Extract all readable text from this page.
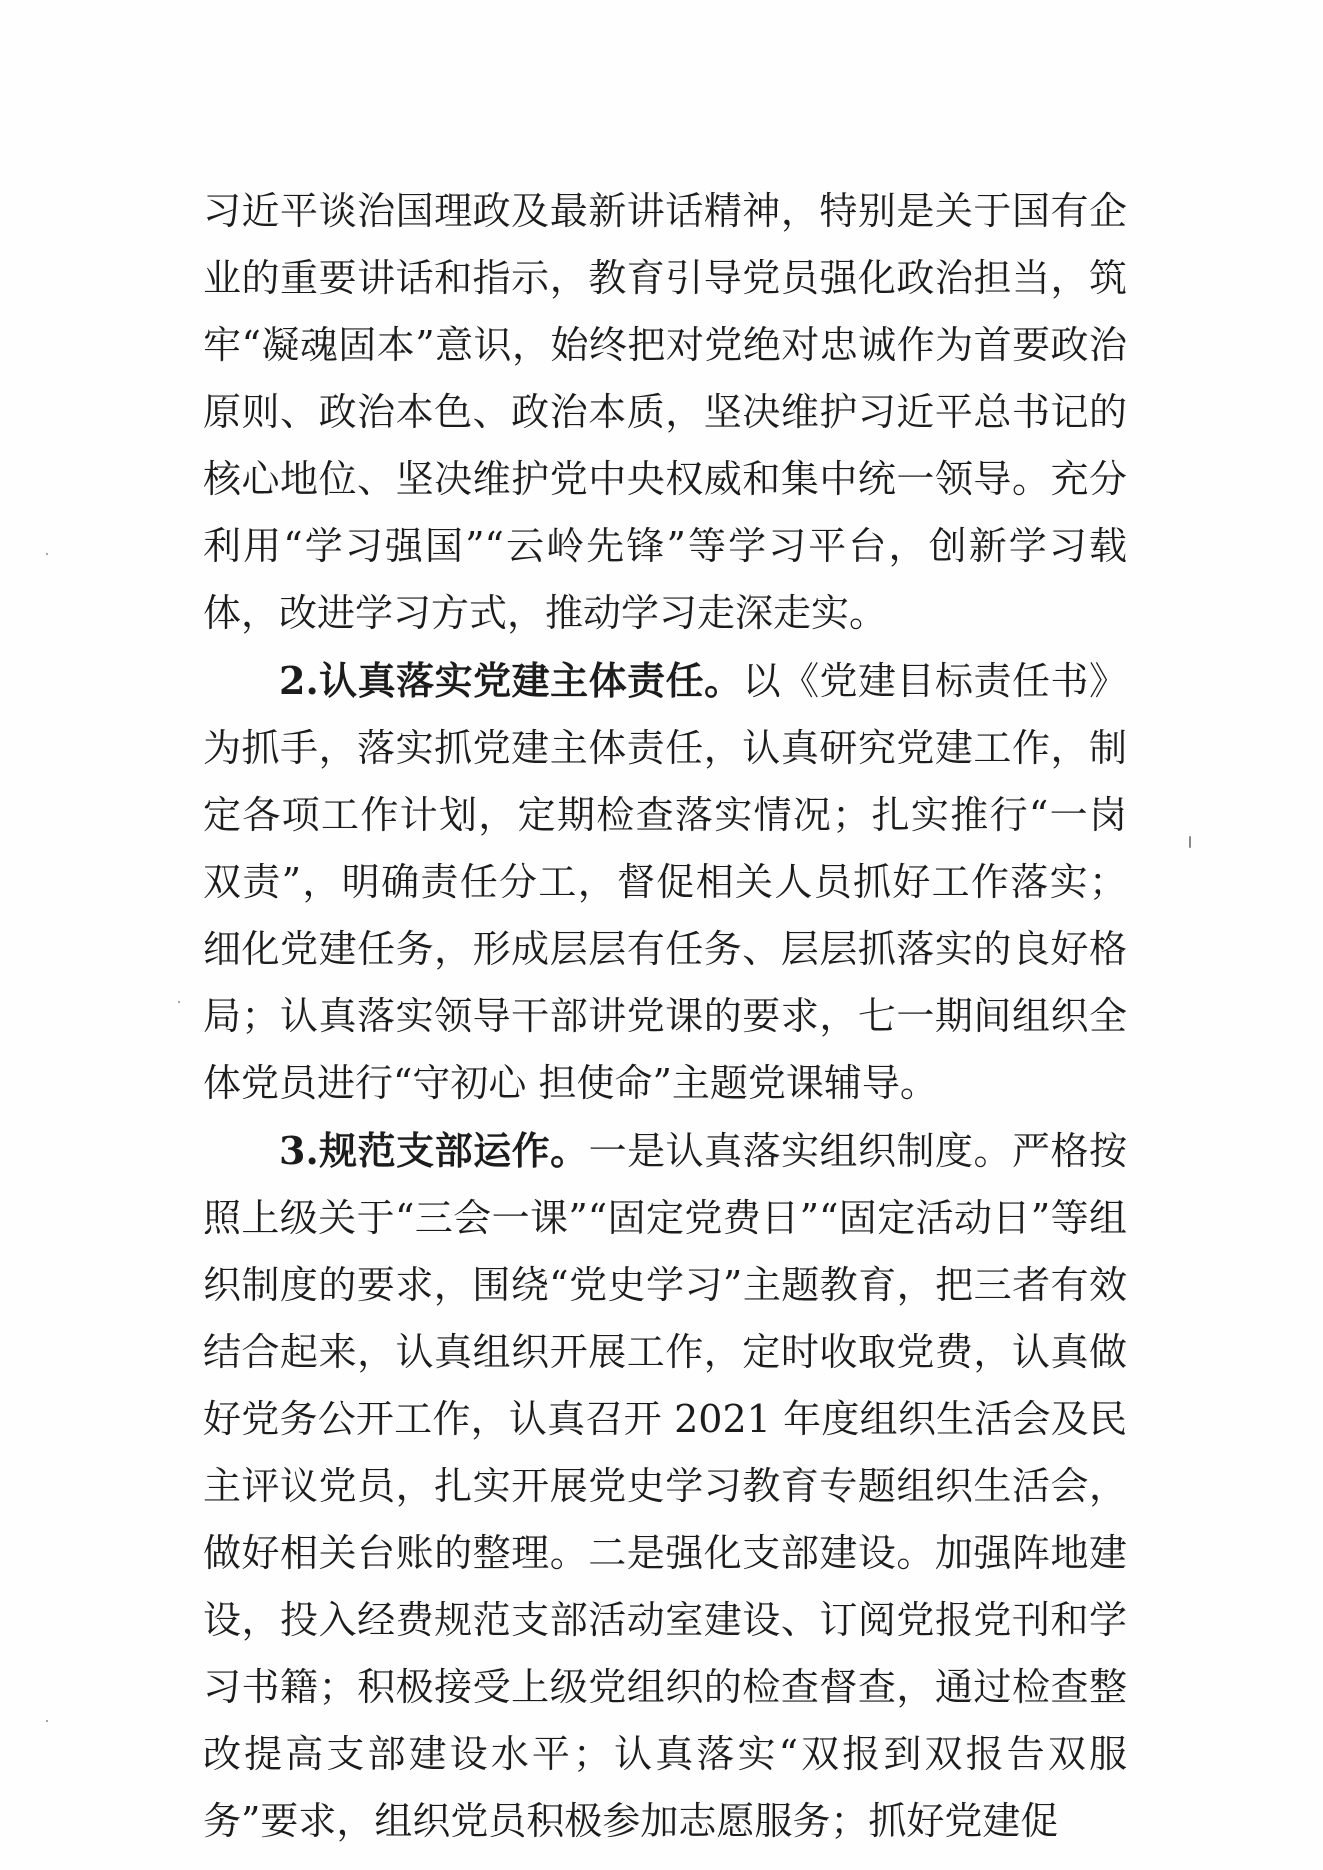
习近平谈治国理政及最新讲话精神，特别是关于国有企业的重要讲话和指示，教育引导党员强化政治担当，筑牢“凝魂固本”意识，始终把对党绝对忠诚作为首要政治原则、政治本色、政治本质，坚决维护习近平总书记的核心地位、坚决维护党中央权威和集中统一领导。充分利用“学习强国”“云岭先锋”等学习平台，创新学习载体，改进学习方式，推动学习走深走实。

2.认真落实党建主体责任。以《党建目标责任书》为抓手，落实抓党建主体责任，认真研究党建工作，制定各项工作计划，定期检查落实情况；扎实推行“一岗双责”，明确责任分工，督促相关人员抓好工作落实；细化党建任务，形成层层有任务、层层抓落实的良好格局；认真落实领导干部讲党课的要求，七一期间组织全体党员进行“守初心 担使命”主题党课辅导。

3.规范支部运作。一是认真落实组织制度。严格按照上级关于“三会一课”“固定党费日”“固定活动日”等组织制度的要求，围绕“党史学习”主题教育，把三者有效结合起来，认真组织开展工作，定时收取党费，认真做好党务公开工作，认真召开 2021 年度组织生活会及民主评议党员，扎实开展党史学习教育专题组织生活会，做好相关台账的整理。二是强化支部建设。加强阵地建设，投入经费规范支部活动室建设、订阅党报党刊和学习书籍；积极接受上级党组织的检查督查，通过检查整改提高支部建设水平；认真落实“双报到双报告双服务”要求，组织党员积极参加志愿服务；抓好党建促
